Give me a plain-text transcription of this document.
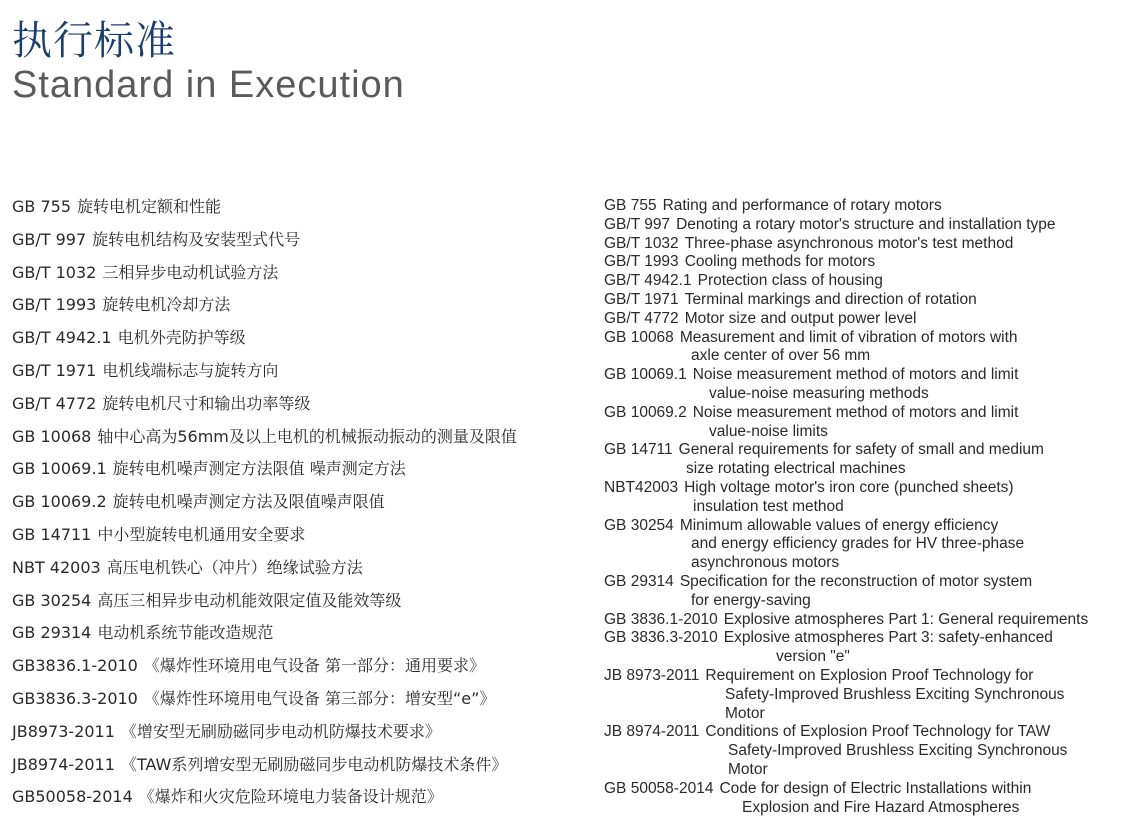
执行标准
Standard in Execution
GB 755 旋转电机定额和性能
GB/T 997 旋转电机结构及安装型式代号
GB/T 1032 三相异步电动机试验方法
GB/T 1993 旋转电机冷却方法
GB/T 4942.1 电机外壳防护等级
GB/T 1971 电机线端标志与旋转方向
GB/T 4772 旋转电机尺寸和输出功率等级
GB 10068 轴中心高为56mm及以上电机的机械振动振动的测量及限值
GB 10069.1 旋转电机噪声测定方法限值 噪声测定方法
GB 10069.2 旋转电机噪声测定方法及限值噪声限值
GB 14711 中小型旋转电机通用安全要求
NBT 42003 高压电机铁心（冲片）绝缘试验方法
GB 30254 高压三相异步电动机能效限定值及能效等级
GB 29314 电动机系统节能改造规范
GB3836.1-2010 《爆炸性环境用电气设备 第一部分：通用要求》
GB3836.3-2010 《爆炸性环境用电气设备 第三部分：增安型“e”》
JB8973-2011 《增安型无刷励磁同步电动机防爆技术要求》
JB8974-2011 《TAW系列增安型无刷励磁同步电动机防爆技术条件》
GB50058-2014 《爆炸和火灾危险环境电力装备设计规范》
GB 755 Rating and performance of rotary motors
GB/T 997 Denoting a rotary motor's structure and installation type
GB/T 1032 Three-phase asynchronous motor's test method
GB/T 1993 Cooling methods for motors
GB/T 4942.1 Protection class of housing
GB/T 1971 Terminal markings and direction of rotation
GB/T 4772 Motor size and output power level
GB 10068 Measurement and limit of vibration of motors with
axle center of over 56 mm
GB 10069.1 Noise measurement method of motors and limit
value-noise measuring methods
GB 10069.2 Noise measurement method of motors and limit
value-noise limits
GB 14711 General requirements for safety of small and medium
size rotating electrical machines
NBT42003 High voltage motor's iron core (punched sheets)
insulation test method
GB 30254 Minimum allowable values of energy efficiency
and energy efficiency grades for HV three-phase
asynchronous motors
GB 29314 Specification for the reconstruction of motor system
for energy-saving
GB 3836.1-2010 Explosive atmospheres Part 1: General requirements
GB 3836.3-2010 Explosive atmospheres Part 3: safety-enhanced
version "e"
JB 8973-2011 Requirement on Explosion Proof Technology for
Safety-Improved Brushless Exciting Synchronous
Motor
JB 8974-2011 Conditions of Explosion Proof Technology for TAW
Safety-Improved Brushless Exciting Synchronous
Motor
GB 50058-2014 Code for design of Electric Installations within
Explosion and Fire Hazard Atmospheres
